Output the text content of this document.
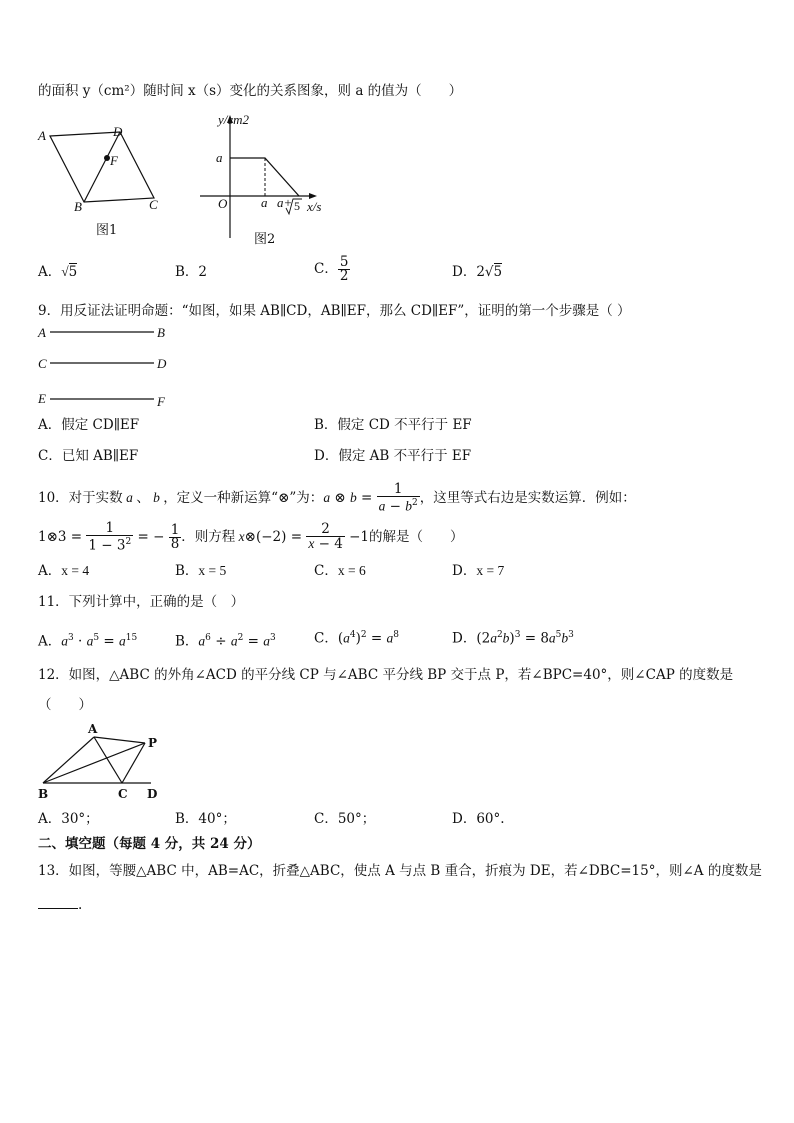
的面积 y（cm²）随时间 x（s）变化的关系图象，则 a 的值为（　　）
A	D
F
B	C
图1
y/cm2
a
O	a a+ 5 x/s
图2
A．√5	B．2	C． $\frac{5}{2}$	D．2√5
9．用反证法证明命题：“如图，如果 AB∥CD，AB∥EF，那么 CD∥EF”，证明的第一个步骤是（ ）
A	B
C	D
E	F
A．假定 CD∥EF	B．假定 CD 不平行于 EF
C．已知 AB∥EF	D．假定 AB 不平行于 EF
10．对于实数 a 、 b ，定义一种新运算“⊗”为：a ⊗ $b = \frac{1}{a - b^2}$ ，这里等式右边是实数运算．例如：
1⊗3 = $\frac{1}{1 - 3^2}$ = − $\frac{1}{8}$ ．则方程 x⊗(−2) = $\frac{2}{x - 4} -1$的解是（　　）
A．x = 4	B．x = 5	C．x = 6	D．x = 7
11．下列计算中，正确的是（　）
A．$a^3 \cdot a^5 = a^{15}$	B．$a^6 \div a^2 = a^3$	C．$(a^4)^2 = a^8$	D．$(2a^2b)^3 = 8a^5b^3$
12．如图，△ABC 的外角∠ACD 的平分线 CP 与∠ABC 平分线 BP 交于点 P，若∠BPC=40°，则∠CAP 的度数是
（　　）
A
P
B	C D
A．30°；	B．40°；	C．50°；	D．60°.
二、填空题（每题 4 分，共 24 分）
13．如图，等腰△ABC 中，AB=AC，折叠△ABC，使点 A 与点 B 重合，折痕为 DE，若∠DBC=15°，则∠A 的度数是
.
